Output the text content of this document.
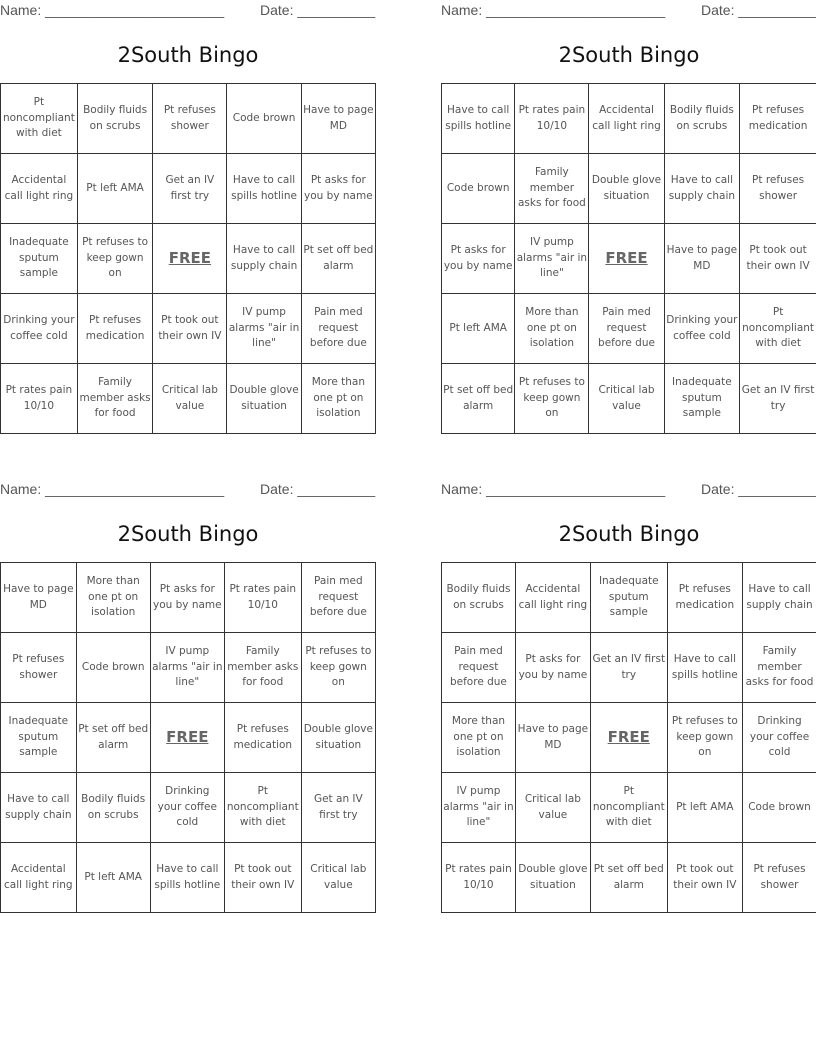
Name: _______________________	Date: __________
2South Bingo
Pt noncompliant with diet	Bodily fluids on scrubs	Pt refuses shower	Code brown	Have to page MD
Accidental call light ring	Pt left AMA	Get an IV first try	Have to call spills hotline	Pt asks for you by name
Inadequate sputum sample	Pt refuses to keep gown on	FREE	Have to call supply chain	Pt set off bed alarm
Drinking your coffee cold	Pt refuses medication	Pt took out their own IV	IV pump alarms "air in line"	Pain med request before due
Pt rates pain 10/10	Family member asks for food	Critical lab value	Double glove situation	More than one pt on isolation
Name: _______________________	Date: __________
2South Bingo
Have to call spills hotline	Pt rates pain 10/10	Accidental call light ring	Bodily fluids on scrubs	Pt refuses medication
Code brown	Family member asks for food	Double glove situation	Have to call supply chain	Pt refuses shower
Pt asks for you by name	IV pump alarms "air in line"	FREE	Have to page MD	Pt took out their own IV
Pt left AMA	More than one pt on isolation	Pain med request before due	Drinking your coffee cold	Pt noncompliant with diet
Pt set off bed alarm	Pt refuses to keep gown on	Critical lab value	Inadequate sputum sample	Get an IV first try
Name: _______________________	Date: __________
2South Bingo
Have to page MD	More than one pt on isolation	Pt asks for you by name	Pt rates pain 10/10	Pain med request before due
Pt refuses shower	Code brown	IV pump alarms "air in line"	Family member asks for food	Pt refuses to keep gown on
Inadequate sputum sample	Pt set off bed alarm	FREE	Pt refuses medication	Double glove situation
Have to call supply chain	Bodily fluids on scrubs	Drinking your coffee cold	Pt noncompliant with diet	Get an IV first try
Accidental call light ring	Pt left AMA	Have to call spills hotline	Pt took out their own IV	Critical lab value
Name: _______________________	Date: __________
2South Bingo
Bodily fluids on scrubs	Accidental call light ring	Inadequate sputum sample	Pt refuses medication	Have to call supply chain
Pain med request before due	Pt asks for you by name	Get an IV first try	Have to call spills hotline	Family member asks for food
More than one pt on isolation	Have to page MD	FREE	Pt refuses to keep gown on	Drinking your coffee cold
IV pump alarms "air in line"	Critical lab value	Pt noncompliant with diet	Pt left AMA	Code brown
Pt rates pain 10/10	Double glove situation	Pt set off bed alarm	Pt took out their own IV	Pt refuses shower
